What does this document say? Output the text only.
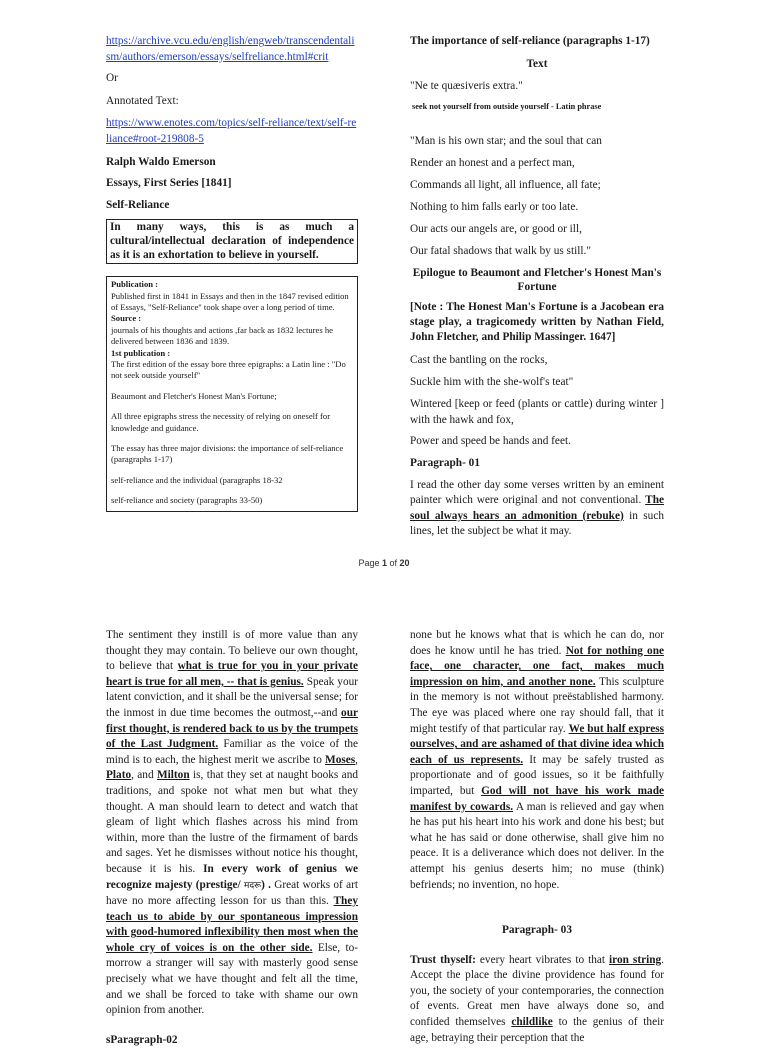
https://archive.vcu.edu/english/engweb/transcendentalism/authors/emerson/essays/selfreliance.html#crit

Or

Annotated Text:

https://www.enotes.com/topics/self-reliance/text/self-reliance#root-219808-5

Ralph Waldo Emerson

Essays, First Series [1841]

Self-Reliance

In many ways, this is as much a cultural/intellectual declaration of independence as it is an exhortation to believe in yourself.
Publication :
Published first in 1841 in Essays and then in the 1847 revised edition of Essays, "Self-Reliance" took shape over a long period of time.
Source :
journals of his thoughts and actions ,far back as 1832 lectures he delivered between 1836 and 1839.
1st publication :
The first edition of the essay bore three epigraphs: a Latin line : "Do not seek outside yourself"
Beaumont and Fletcher's Honest Man's Fortune;
All three epigraphs stress the necessity of relying on oneself for knowledge and guidance.
The essay has three major divisions: the importance of self-reliance (paragraphs 1-17)
self-reliance and the individual (paragraphs 18-32
self-reliance and society (paragraphs 33-50)

The importance of self-reliance (paragraphs 1-17)

Text

"Ne te quæsiveris extra."

seek not yourself from outside yourself - Latin phrase

"Man is his own star; and the soul that can

Render an honest and a perfect man,

Commands all light, all influence, all fate;

Nothing to him falls early or too late.

Our acts our angels are, or good or ill,

Our fatal shadows that walk by us still."

Epilogue to Beaumont and Fletcher's Honest Man's Fortune

[Note : The Honest Man's Fortune is a Jacobean era stage play, a tragicomedy written by Nathan Field, John Fletcher, and Philip Massinger. 1647]

Cast the bantling on the rocks,

Suckle him with the she-wolf's teat"

Wintered [keep or feed (plants or cattle) during winter ] with the hawk and fox,

Power and speed be hands and feet.

Paragraph- 01

I read the other day some verses written by an eminent painter which were original and not conventional. The soul always hears an admonition (rebuke) in such lines, let the subject be what it may.

Page 1 of 20

The sentiment they instill is of more value than any thought they may contain. To believe our own thought, to believe that what is true for you in your private heart is true for all men, -- that is genius. Speak your latent conviction, and it shall be the universal sense; for the inmost in due time becomes the outmost,--and our first thought, is rendered back to us by the trumpets of the Last Judgment. Familiar as the voice of the mind is to each, the highest merit we ascribe to Moses, Plato, and Milton is, that they set at naught books and traditions, and spoke not what men but what they thought. A man should learn to detect and watch that gleam of light which flashes across his mind from within, more than the lustre of the firmament of bards and sages. Yet he dismisses without notice his thought, because it is his. In every work of genius we recognize majesty (prestige/ मदरू) . Great works of art have no more affecting lesson for us than this. They teach us to abide by our spontaneous impression with good-humored inflexibility then most when the whole cry of voices is on the other side. Else, to-morrow a stranger will say with masterly good sense precisely what we have thought and felt all the time, and we shall be forced to take with shame our own opinion from another.

sParagraph-02

none but he knows what that is which he can do, nor does he know until he has tried. Not for nothing one face, one character, one fact, makes much impression on him, and another none. This sculpture in the memory is not without preëstablished harmony. The eye was placed where one ray should fall, that it might testify of that particular ray. We but half express ourselves, and are ashamed of that divine idea which each of us represents. It may be safely trusted as proportionate and of good issues, so it be faithfully imparted, but God will not have his work made manifest by cowards. A man is relieved and gay when he has put his heart into his work and done his best; but what he has said or done otherwise, shall give him no peace. It is a deliverance which does not deliver. In the attempt his genius deserts him; no muse (think) befriends; no invention, no hope.

Paragraph- 03

Trust thyself: every heart vibrates to that iron string. Accept the place the divine providence has found for you, the society of your contemporaries, the connection of events. Great men have always done so, and confided themselves childlike to the genius of their age, betraying their perception that the
